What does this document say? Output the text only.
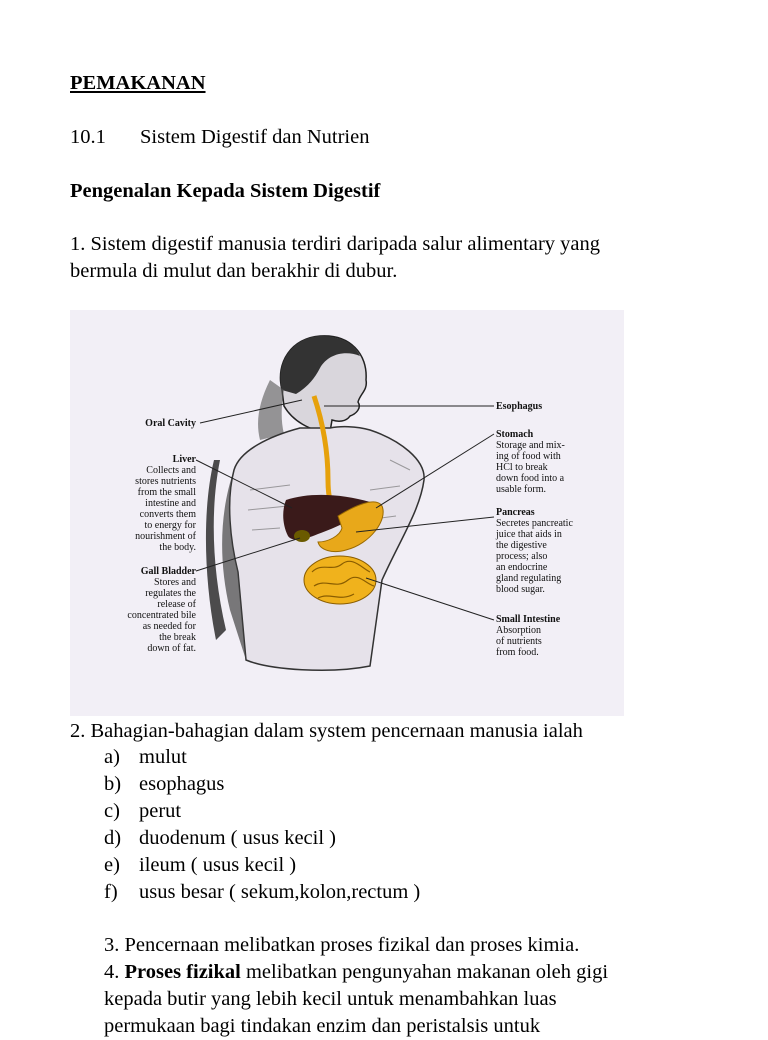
PEMAKANAN
10.1 Sistem Digestif dan Nutrien
Pengenalan Kepada Sistem Digestif
1. Sistem digestif manusia terdiri daripada salur alimentary yang
bermula di mulut dan berakhir di dubur.
Oral Cavity
Liver
Collects and
stores nutrients
from the small
intestine and
converts them
to energy for
nourishment of
the body.
Gall Bladder
Stores and
regulates the
release of
concentrated bile
as needed for
the break
down of fat.
Esophagus
Stomach
Storage and mix-
ing of food with
HCl to break
down food into a
usable form.
Pancreas
Secretes pancreatic
juice that aids in
the digestive
process; also
an endocrine
gland regulating
blood sugar.
Small Intestine
Absorption
of nutrients
from food.
2. Bahagian-bahagian dalam system pencernaan manusia ialah
a) mulut
b) esophagus
c) perut
d) duodenum ( usus kecil )
e) ileum ( usus kecil )
f) usus besar ( sekum,kolon,rectum )
3. Pencernaan melibatkan proses fizikal dan proses kimia.
4. Proses fizikal melibatkan pengunyahan makanan oleh gigi
kepada butir yang lebih kecil untuk menambahkan luas
permukaan bagi tindakan enzim dan peristalsis untuk
